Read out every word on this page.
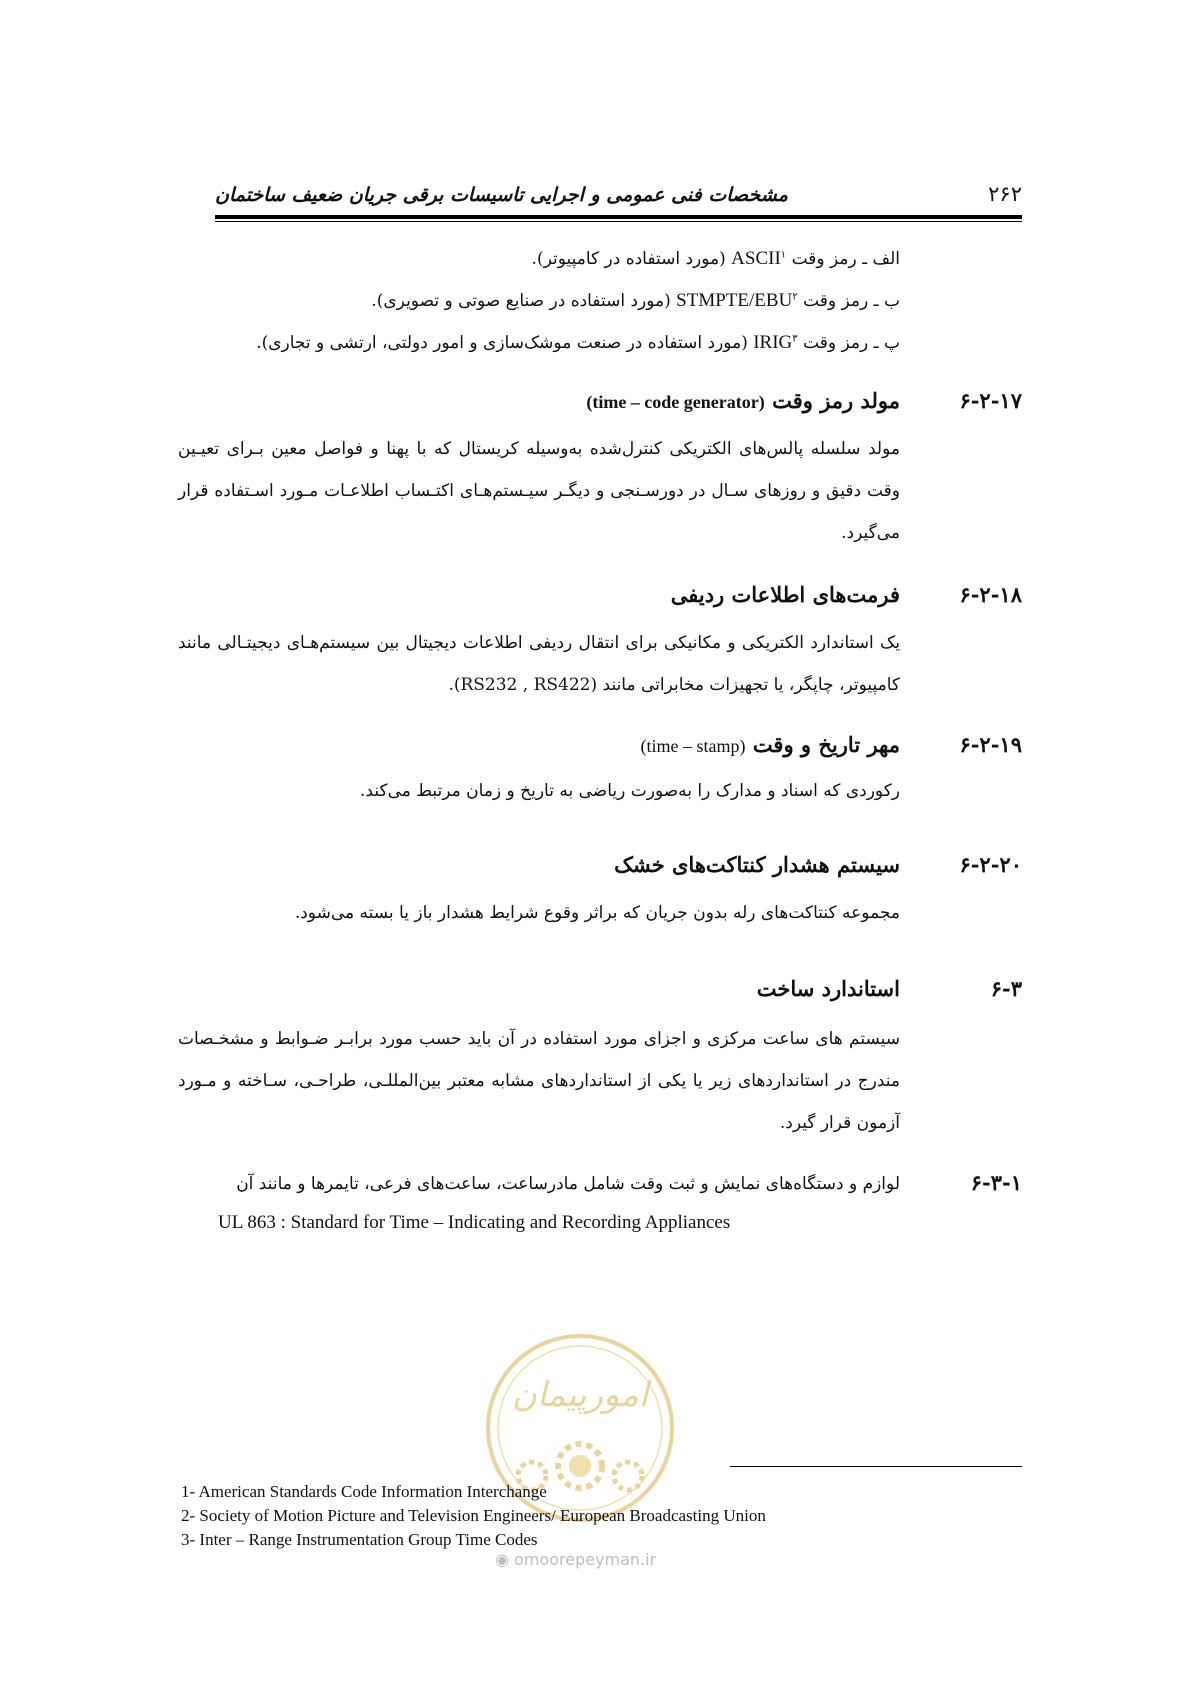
مشخصات فنی عمومی و اجرایی تاسیسات برقی جریان ضعیف ساختمان	۲۶۲
الف ـ رمز وقت ASCII$^۱$ (مورد استفاده در کامپیوتر).
ب ـ رمز وقت STMPTE/EBU$^۲$ (مورد استفاده در صنایع صوتی و تصویری).
پ ـ رمز وقت IRIG$^۳$ (مورد استفاده در صنعت موشک‌سازی و امور دولتی، ارتشی و تجاری).
۶-۲-۱۷
مولد رمز وقت (time – code generator)
مولد سلسله پالس‌های الکتریکی کنترل‌شده به‌وسیله کریستال که با پهنا و فواصل معین بـرای تعیـین وقت دقیق و روزهای سـال در دورسـنجی و دیگـر سیـستم‌هـای اکتـساب اطلاعـات مـورد اسـتفاده قرار می‌گیرد.
۶-۲-۱۸
فرمت‌های اطلاعات ردیفی
یک استاندارد الکتریکی و مکانیکی برای انتقال ردیفی اطلاعات دیجیتال بین سیستم‌هـای دیجیتـالی مانند کامپیوتر، چاپگر، یا تجهیزات مخابراتی مانند (RS232 , RS422).
۶-۲-۱۹
مهر تاریخ و وقت (time – stamp)
رکوردی که اسناد و مدارک را به‌صورت ریاضی به تاریخ و زمان مرتبط می‌کند.
۶-۲-۲۰
سیستم هشدار کنتاکت‌های خشک
مجموعه کنتاکت‌های رله بدون جریان که براثر وقوع شرایط هشدار باز یا بسته می‌شود.
۶-۳
استاندارد ساخت
سیستم های ساعت مرکزی و اجزای مورد استفاده در آن باید حسب مورد برابـر ضـوابط و مشخـصات مندرج در استانداردهای زیر یا یکی از استانداردهای مشابه معتبر بین‌المللـی، طراحـی، سـاخته و مـورد آزمون قرار گیرد.
۶-۳-۱
لوازم و دستگاه‌های نمایش و ثبت وقت شامل مادرساعت، ساعت‌های فرعی، تایمرها و مانند آن
UL 863 : Standard for Time – Indicating and Recording Appliances
امورپیمان
◉ omoorepeyman.ir
1- American Standards Code Information Interchange
2- Society of Motion Picture and Television Engineers/ European Broadcasting Union
3- Inter – Range Instrumentation Group Time Codes
